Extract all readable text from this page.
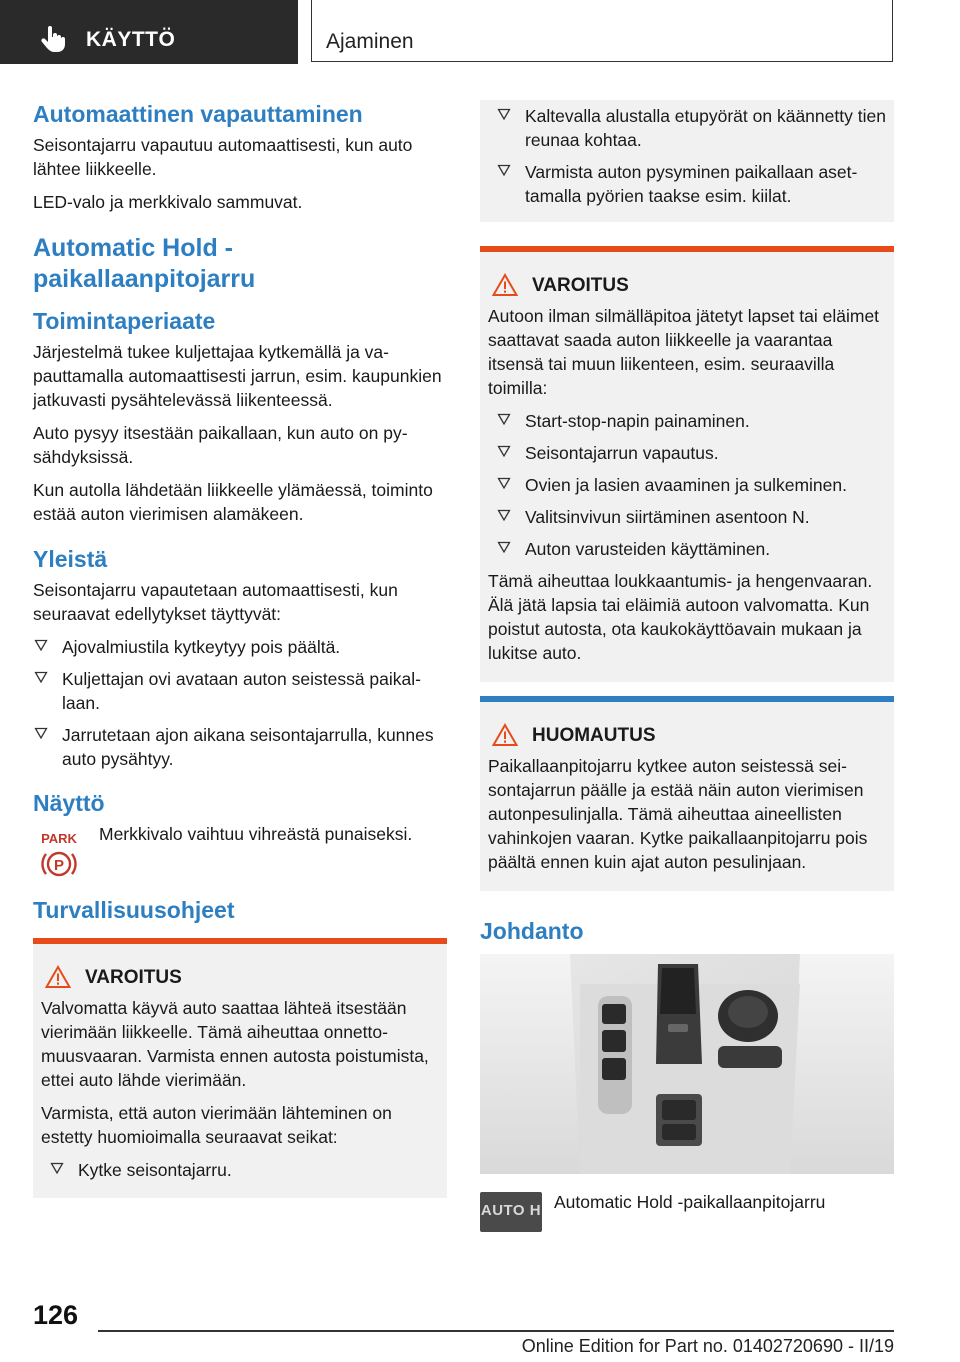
KÄYTTÖ	Ajaminen
Automaattinen vapauttaminen

Seisontajarru vapautuu automaattisesti, kun auto lähtee liikkeelle.

LED-valo ja merkkivalo sammuvat.

Automatic Hold -
paikallaanpitojarru
Toimintaperiaate

Järjestelmä tukee kuljettajaa kytkemällä ja vapauttamalla automaattisesti jarrun, esim. kaupunkien jatkuvasti pysähtelevässä liikenteessä.

Auto pysyy itsestään paikallaan, kun auto on pysähdyksissä.

Kun autolla lähdetään liikkeelle ylämäessä, toiminto estää auton vierimisen alamäkeen.

Yleistä

Seisontajarru vapautetaan automaattisesti, kun seuraavat edellytykset täyttyvät:

Ajovalmiustila kytkeytyy pois päältä.
Kuljettajan ovi avataan auton seistessä paikallaan.
Jarrutetaan ajon aikana seisontajarrulla, kunnes auto pysähtyy.
Näyttö
PARK
P

Merkkivalo vaihtuu vihreästä punaiseksi.

Turvallisuusohjeet
VAROITUS

Valvomatta käyvä auto saattaa lähteä itsestään vierimään liikkeelle. Tämä aiheuttaa onnettomuusvaaran. Varmista ennen autosta poistumista, ettei auto lähde vierimään.

Varmista, että auton vierimään lähteminen on estetty huomioimalla seuraavat seikat:

Kytke seisontajarru.
Kaltevalla alustalla etupyörät on käännetty tien reunaa kohtaa.
Varmista auton pysyminen paikallaan asettamalla pyörien taakse esim. kiilat.
VAROITUS

Autoon ilman silmälläpitoa jätetyt lapset tai eläimet saattavat saada auton liikkeelle ja vaarantaa itsensä tai muun liikenteen, esim. seuraavilla toimilla:

Start-stop-napin painaminen.
Seisontajarrun vapautus.
Ovien ja lasien avaaminen ja sulkeminen.
Valitsinvivun siirtäminen asentoon N.
Auton varusteiden käyttäminen.

Tämä aiheuttaa loukkaantumis- ja hengenvaaran. Älä jätä lapsia tai eläimiä autoon valvomatta. Kun poistut autosta, ota kaukokäyttöavain mukaan ja lukitse auto.

HUOMAUTUS

Paikallaanpitojarru kytkee auton seistessä seisontajarrun päälle ja estää näin auton vierimisen autonpesulinjalla. Tämä aiheuttaa aineellisten vahinkojen vaaran. Kytke paikallaanpitojarru pois päältä ennen kuin ajat auton pesulinjaan.

Johdanto
AUTO H Automatic Hold -paikallaanpitojarru

126
Online Edition for Part no. 01402720690 - II/19
